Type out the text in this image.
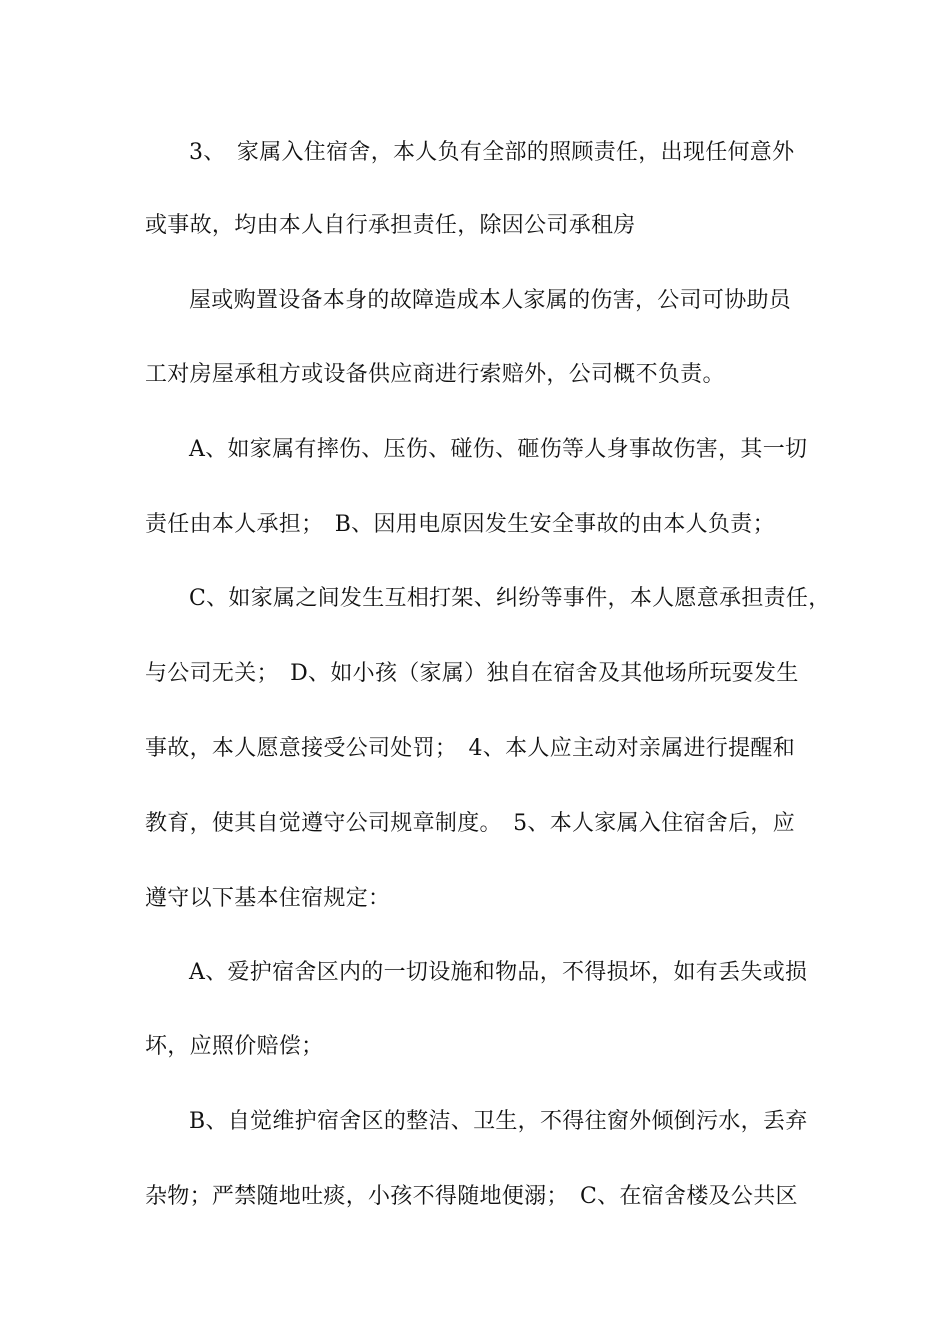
3、　家属入住宿舍，本人负有全部的照顾责任，出现任何意外
或事故，均由本人自行承担责任，除因公司承租房
屋或购置设备本身的故障造成本人家属的伤害，公司可协助员
工对房屋承租方或设备供应商进行索赔外，公司概不负责。
A、如家属有摔伤、压伤、碰伤、砸伤等人身事故伤害，其一切
责任由本人承担；　B、因用电原因发生安全事故的由本人负责；
C、如家属之间发生互相打架、纠纷等事件，本人愿意承担责任，
与公司无关；　D、如小孩（家属）独自在宿舍及其他场所玩耍发生
事故，本人愿意接受公司处罚；　4、本人应主动对亲属进行提醒和
教育，使其自觉遵守公司规章制度。　5、本人家属入住宿舍后，应
遵守以下基本住宿规定：
A、爱护宿舍区内的一切设施和物品，不得损坏，如有丢失或损
坏，应照价赔偿；
B、自觉维护宿舍区的整洁、卫生，不得往窗外倾倒污水，丢弃
杂物；严禁随地吐痰，小孩不得随地便溺；　C、在宿舍楼及公共区
